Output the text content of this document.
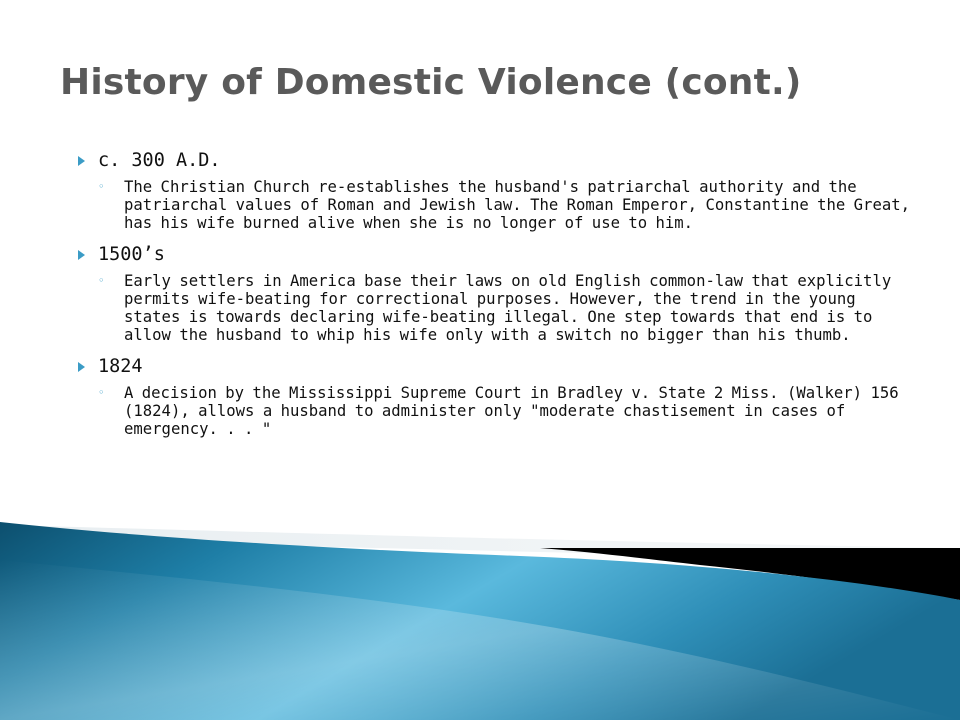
History of Domestic Violence (cont.)
c. 300 A.D.
◦ The Christian Church re-establishes the husband's patriarchal authority and the patriarchal values of Roman and Jewish law. The Roman Emperor, Constantine the Great, has his wife burned alive when she is no longer of use to him.
1500’s
◦ Early settlers in America base their laws on old English common-law that explicitly permits wife-beating for correctional purposes. However, the trend in the young states is towards declaring wife-beating illegal. One step towards that end is to allow the husband to whip his wife only with a switch no bigger than his thumb.
1824
◦ A decision by the Mississippi Supreme Court in Bradley v. State 2 Miss. (Walker) 156 (1824), allows a husband to administer only "moderate chastisement in cases of emergency. . . "
